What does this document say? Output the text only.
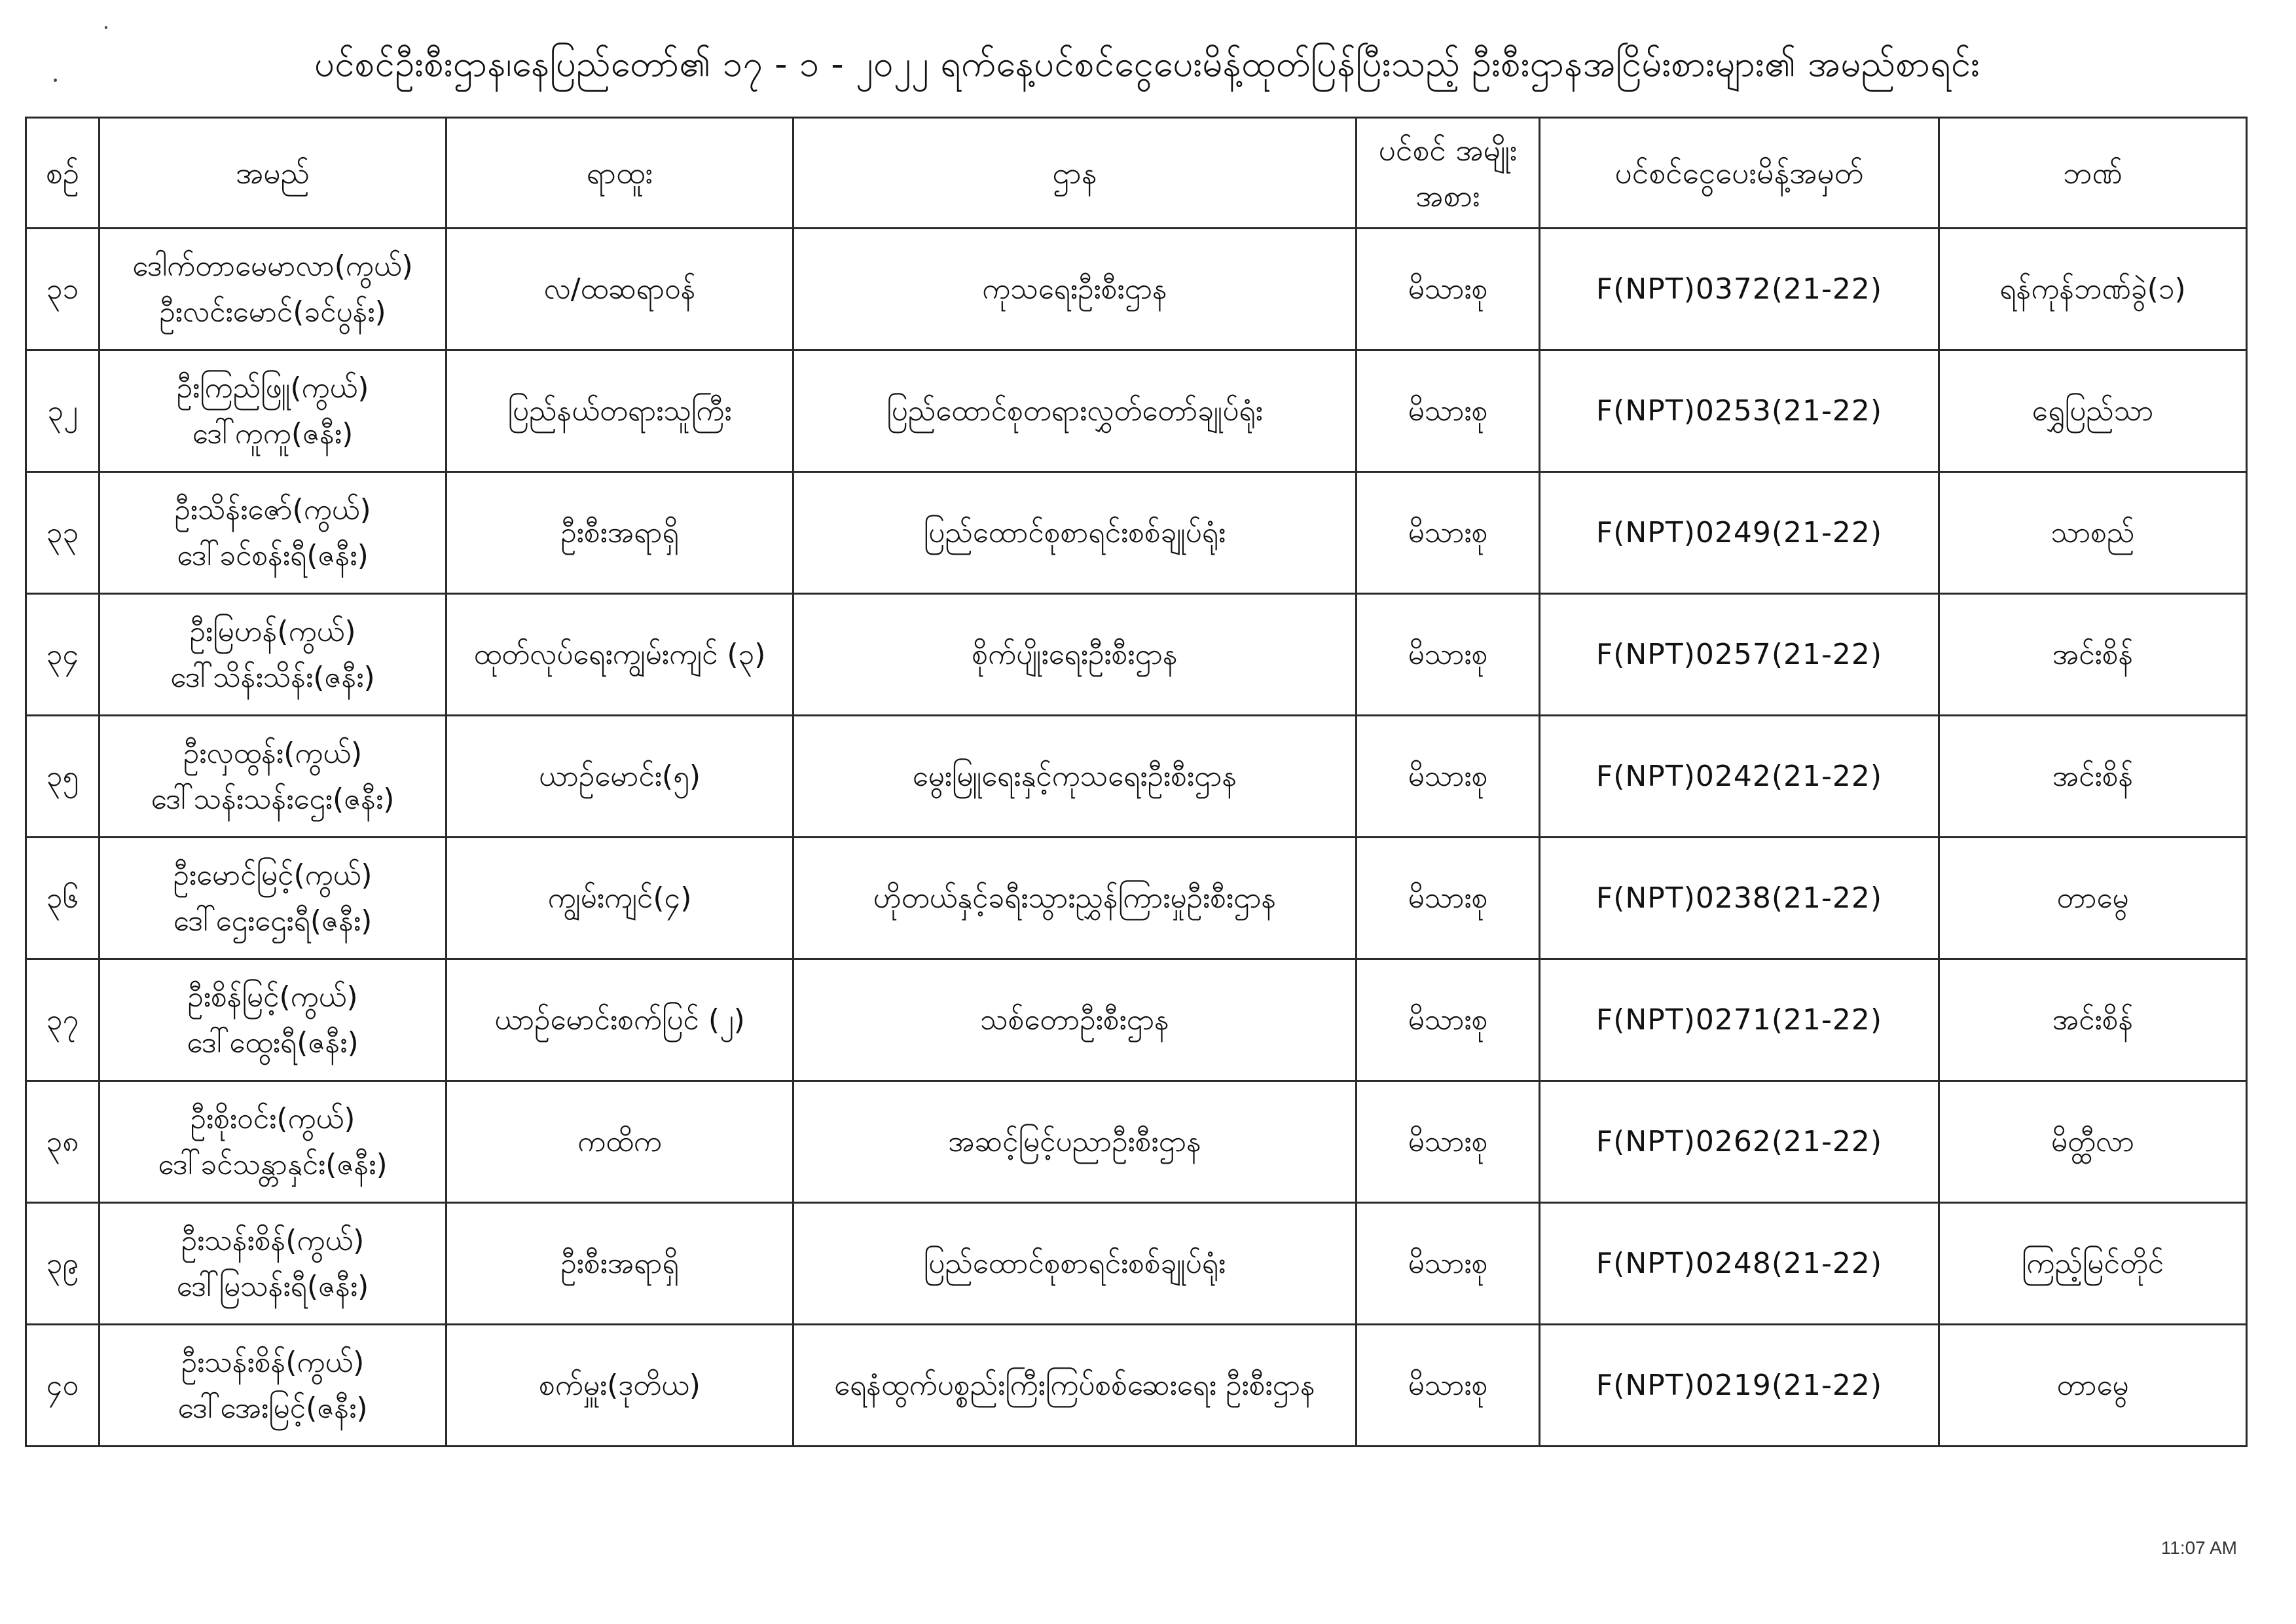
ပင်စင်ဦးစီးဌာန၊နေပြည်တော်၏ ၁၇ - ၁ - ၂၀၂၂ ရက်နေ့ပင်စင်ငွေပေးမိန့်ထုတ်ပြန်ပြီးသည့် ဦးစီးဌာနအငြိမ်းစားများ၏ အမည်စာရင်း
စဉ်	အမည်	ရာထူး	ဌာန	ပင်စင် အမျိုးအစား	ပင်စင်ငွေပေးမိန့်အမှတ်	ဘဏ်
၃၁	ဒေါက်တာမေမာလာ(ကွယ်)
ဦးလင်းမောင်(ခင်ပွန်း)	လ/ထဆရာဝန်	ကုသရေးဦးစီးဌာန	မိသားစု	F(NPT)0372(21-22)	ရန်ကုန်ဘဏ်ခွဲ(၁)
၃၂	ဦးကြည်ဖြူ(ကွယ်)
ဒေါ်ကူကူ(ဇနီး)	ပြည်နယ်တရားသူကြီး	ပြည်ထောင်စုတရားလွှတ်တော်ချုပ်ရုံး	မိသားစု	F(NPT)0253(21-22)	ရွှေပြည်သာ
၃၃	ဦးသိန်းဇော်(ကွယ်)
ဒေါ်ခင်စန်းရီ(ဇနီး)	ဦးစီးအရာရှိ	ပြည်ထောင်စုစာရင်းစစ်ချုပ်ရုံး	မိသားစု	F(NPT)0249(21-22)	သာစည်
၃၄	ဦးမြဟန်(ကွယ်)
ဒေါ်သိန်းသိန်း(ဇနီး)	ထုတ်လုပ်ရေးကျွမ်းကျင် (၃)	စိုက်ပျိုးရေးဦးစီးဌာန	မိသားစု	F(NPT)0257(21-22)	အင်းစိန်
၃၅	ဦးလှထွန်း(ကွယ်)
ဒေါ်သန်းသန်းဌေး(ဇနီး)	ယာဉ်မောင်း(၅)	မွေးမြူရေးနှင့်ကုသရေးဦးစီးဌာန	မိသားစု	F(NPT)0242(21-22)	အင်းစိန်
၃၆	ဦးမောင်မြင့်(ကွယ်)
ဒေါ်ဌေးဌေးရီ(ဇနီး)	ကျွမ်းကျင်(၄)	ဟိုတယ်နှင့်ခရီးသွားညွှန်ကြားမှုဦးစီးဌာန	မိသားစု	F(NPT)0238(21-22)	တာမွေ
၃၇	ဦးစိန်မြင့်(ကွယ်)
ဒေါ်ထွေးရီ(ဇနီး)	ယာဉ်မောင်းစက်ပြင် (၂)	သစ်တောဦးစီးဌာန	မိသားစု	F(NPT)0271(21-22)	အင်းစိန်
၃၈	ဦးစိုးဝင်း(ကွယ်)
ဒေါ်ခင်သန္တာနှင်း(ဇနီး)	ကထိက	အဆင့်မြင့်ပညာဦးစီးဌာန	မိသားစု	F(NPT)0262(21-22)	မိတ္ထီလာ
၃၉	ဦးသန်းစိန်(ကွယ်)
ဒေါ်မြသန်းရီ(ဇနီး)	ဦးစီးအရာရှိ	ပြည်ထောင်စုစာရင်းစစ်ချုပ်ရုံး	မိသားစု	F(NPT)0248(21-22)	ကြည့်မြင်တိုင်
၄၀	ဦးသန်းစိန်(ကွယ်)
ဒေါ်အေးမြင့်(ဇနီး)	စက်မှူး(ဒုတိယ)	ရေနံထွက်ပစ္စည်းကြီးကြပ်စစ်ဆေးရေး ဦးစီးဌာန	မိသားစု	F(NPT)0219(21-22)	တာမွေ
11:07 AM
